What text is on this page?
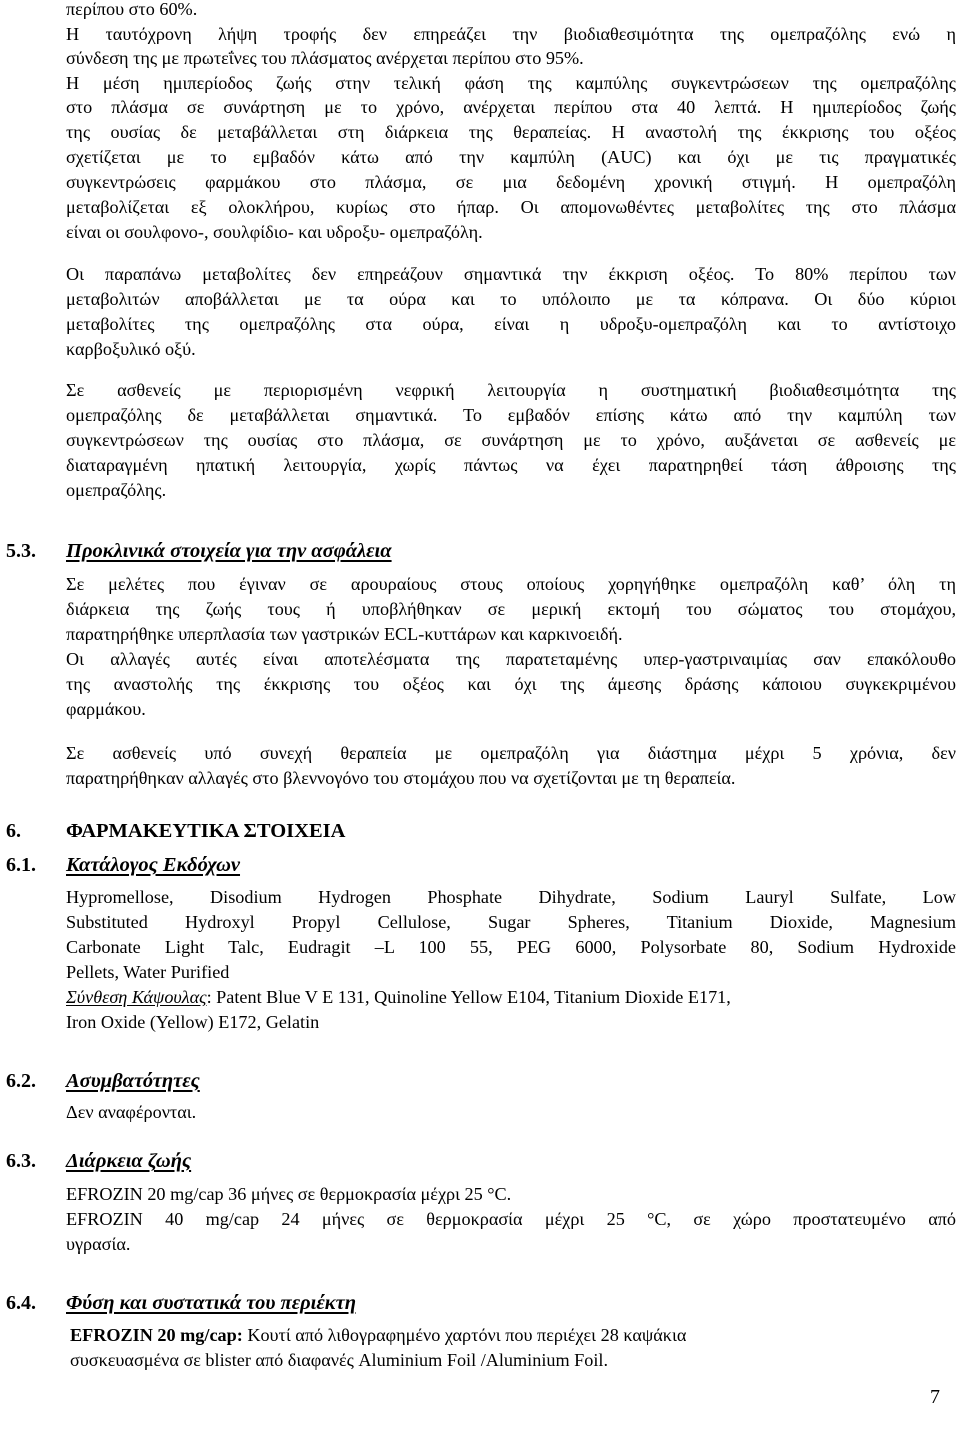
περίπου στο 60%.
Η ταυτόχρονη λήψη τροφής δεν επηρεάζει την βιοδιαθεσιμότητα της ομεπραζόλης ενώ η
σύνδεση της με πρωτεΐνες του πλάσματος ανέρχεται περίπου στο 95%.
Η μέση ημιπερίοδος ζωής στην τελική φάση της καμπύλης συγκεντρώσεων της ομεπραζόλης
στο πλάσμα σε συνάρτηση με το χρόνο, ανέρχεται περίπου στα 40 λεπτά. Η ημιπερίοδος ζωής
της ουσίας δε μεταβάλλεται στη διάρκεια της θεραπείας. Η αναστολή της έκκρισης του οξέος
σχετίζεται με το εμβαδόν κάτω από την καμπύλη (AUC) και όχι με τις πραγματικές
συγκεντρώσεις φαρμάκου στο πλάσμα, σε μια δεδομένη χρονική στιγμή. Η ομεπραζόλη
μεταβολίζεται εξ ολοκλήρου, κυρίως στο ήπαρ. Οι απομονωθέντες μεταβολίτες της στο πλάσμα
είναι οι σουλφονο-, σουλφίδιο- και υδροξυ- ομεπραζόλη.
Οι παραπάνω μεταβολίτες δεν επηρεάζουν σημαντικά την έκκριση οξέος. Το 80% περίπου των
μεταβολιτών αποβάλλεται με τα ούρα και το υπόλοιπο με τα κόπρανα. Οι δύο κύριοι
μεταβολίτες της ομεπραζόλης στα ούρα, είναι η υδροξυ-ομεπραζόλη και το αντίστοιχο
καρβοξυλικό οξύ.
Σε ασθενείς με περιορισμένη νεφρική λειτουργία η συστηματική βιοδιαθεσιμότητα της
ομεπραζόλης δε μεταβάλλεται σημαντικά. Το εμβαδόν επίσης κάτω από την καμπύλη των
συγκεντρώσεων της ουσίας στο πλάσμα, σε συνάρτηση με το χρόνο, αυξάνεται σε ασθενείς με
διαταραγμένη ηπατική λειτουργία, χωρίς πάντως να έχει παρατηρηθεί τάση άθροισης της
ομεπραζόλης.
5.3. Προκλινικά στοιχεία για την ασφάλεια
Σε μελέτες που έγιναν σε αρουραίους στους οποίους χορηγήθηκε ομεπραζόλη καθ’ όλη τη
διάρκεια της ζωής τους ή υποβλήθηκαν σε μερική εκτομή του σώματος του στομάχου,
παρατηρήθηκε υπερπλασία των γαστρικών ECL-κυττάρων και καρκινοειδή.
Οι αλλαγές αυτές είναι αποτελέσματα της παρατεταμένης υπερ-γαστριναιμίας σαν επακόλουθο
της αναστολής της έκκρισης του οξέος και όχι της άμεσης δράσης κάποιου συγκεκριμένου
φαρμάκου.
Σε ασθενείς υπό συνεχή θεραπεία με ομεπραζόλη για διάστημα μέχρι 5 χρόνια, δεν
παρατηρήθηκαν αλλαγές στο βλεννογόνο του στομάχου που να σχετίζονται με τη θεραπεία.
6. ΦΑΡΜΑΚΕΥΤΙΚΑ ΣΤΟΙΧΕΙΑ
6.1. Κατάλογος Εκδόχων
Hypromellose, Disodium Hydrogen Phosphate Dihydrate, Sodium Lauryl Sulfate, Low
Substituted Hydroxyl Propyl Cellulose, Sugar Spheres, Titanium Dioxide, Magnesium
Carbonate Light Talc, Eudragit –L 100 55, PEG 6000, Polysorbate 80, Sodium Hydroxide
Pellets, Water Purified
Σύνθεση Κάψουλας: Patent Blue V E 131, Quinoline Yellow E104, Titanium Dioxide E171,
Iron Oxide (Yellow) E172, Gelatin
6.2. Ασυμβατότητες
Δεν αναφέρονται.
6.3. Διάρκεια ζωής
EFROZIN 20 mg/cap 36 μήνες σε θερμοκρασία μέχρι 25 °C.
EFROZIN 40 mg/cap 24 μήνες σε θερμοκρασία μέχρι 25 °C, σε χώρο προστατευμένο από
υγρασία.
6.4. Φύση και συστατικά του περιέκτη
EFROZIN 20 mg/cap: Κουτί από λιθογραφημένο χαρτόνι που περιέχει 28 καψάκια
συσκευασμένα σε blister από διαφανές Aluminium Foil /Aluminium Foil.
7
